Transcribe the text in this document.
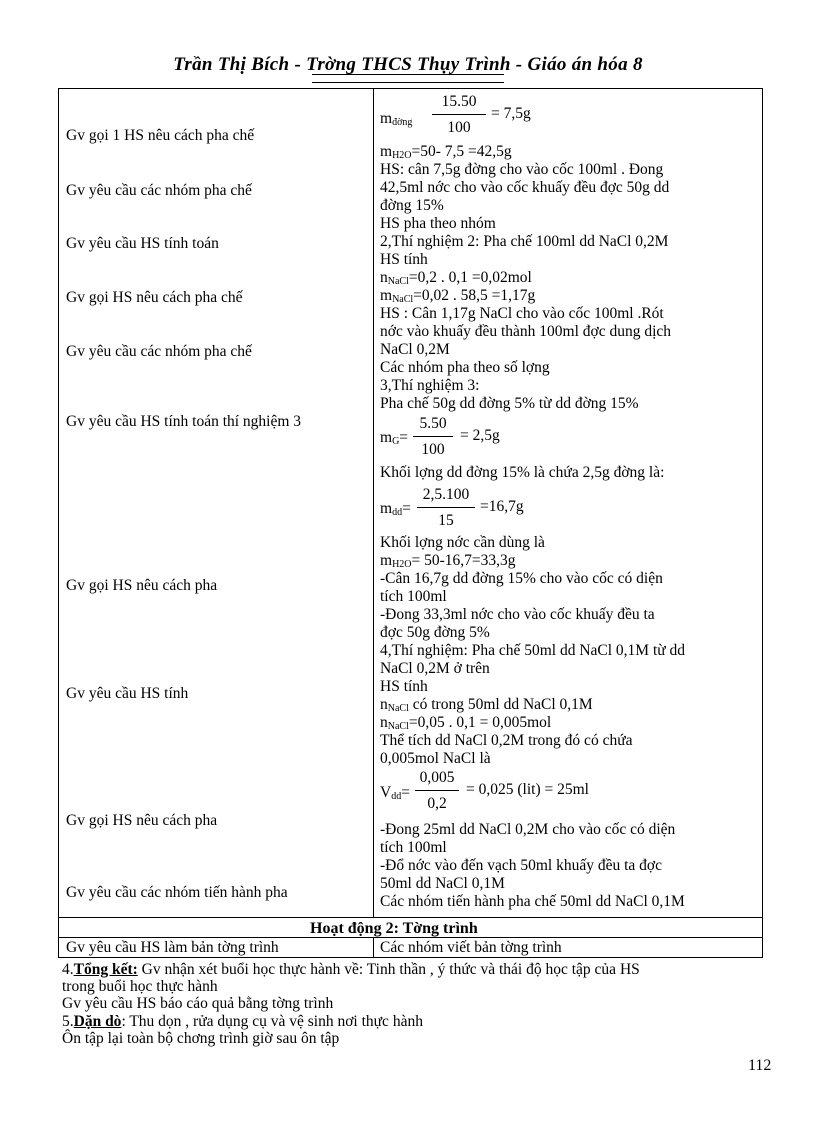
Trần Thị Bích - Trờng THCS Thụy Trình - Giáo án hóa 8
Gv gọi 1 HS nêu cách pha chế
Gv yêu cầu các nhóm pha chế
Gv yêu cầu HS tính toán
Gv gọi HS nêu cách pha chế
Gv yêu cầu các nhóm pha chế
Gv yêu cầu HS tính toán thí nghiệm 3
Gv gọi HS nêu cách pha
Gv yêu cầu HS tính
Gv gọi HS nêu cách pha
Gv yêu cầu các nhóm tiến hành pha
$m_{đờng}$
15.50
100
= 7,5g
$m_{H2O}=50-$ 7,5 =42,5g
HS: cân 7,5g đờng cho vào cốc 100ml . Đong
42,5ml nớc cho vào cốc khuấy đều đợc 50g dd
đờng 15%
HS pha theo nhóm
2,Thí nghiệm 2: Pha chế 100ml dd NaCl 0,2M
HS tính
$n_{NaCl}=0,2$ . 0,1 =0,02mol
$m_{NaCl}=0,02$ . 58,5 =1,17g
HS : Cân 1,17g NaCl cho vào cốc 100ml .Rót
nớc vào khuấy đều thành 100ml đợc dung dịch
NaCl 0,2M
Các nhóm pha theo số lợng
3,Thí nghiệm 3:
Pha chế 50g dd đờng 5% từ dd đờng 15%
$m_G=$
5.50
100
= 2,5g
Khối lợng dd đờng 15% là chứa 2,5g đờng là:
$m_{dd}=$
2,5.100
15
=16,7g
Khối lợng nớc cần dùng là
$m_{H2O}= 50-16,7=33,3g$
-Cân 16,7g dd đờng 15% cho vào cốc có diện
tích 100ml
-Đong 33,3ml nớc cho vào cốc khuấy đều ta
đợc 50g đờng 5%
4,Thí nghiệm: Pha chế 50ml dd NaCl 0,1M từ dd
NaCl 0,2M ở trên
HS tính
$n_{NaCl}$ có trong 50ml dd NaCl 0,1M
$n_{NaCl}=0,05$ . 0,1 = 0,005mol
Thể tích dd NaCl 0,2M trong đó có chứa
0,005mol NaCl là
$V_{dd}=$
0,005
0,2
= 0,025 (lit) = 25ml
-Đong 25ml dd NaCl 0,2M cho vào cốc có diện
tích 100ml
-Đổ nớc vào đến vạch 50ml khuấy đều ta đợc
50ml dd NaCl 0,1M
Các nhóm tiến hành pha chế 50ml dd NaCl 0,1M
Hoạt động 2: Tờng trình
Gv yêu cầu HS làm bản tờng trình	Các nhóm viết bản tờng trình
4.Tổng kết: Gv nhận xét buổi học thực hành về: Tinh thần , ý thức và thái độ học tập của HS
trong buổi học thực hành
Gv yêu cầu HS báo cáo quả bằng tờng trình
5.Dặn dò: Thu dọn , rửa dụng cụ và vệ sinh nơi thực hành
Ôn tập lại toàn bộ chơng trình giờ sau ôn tập
112
